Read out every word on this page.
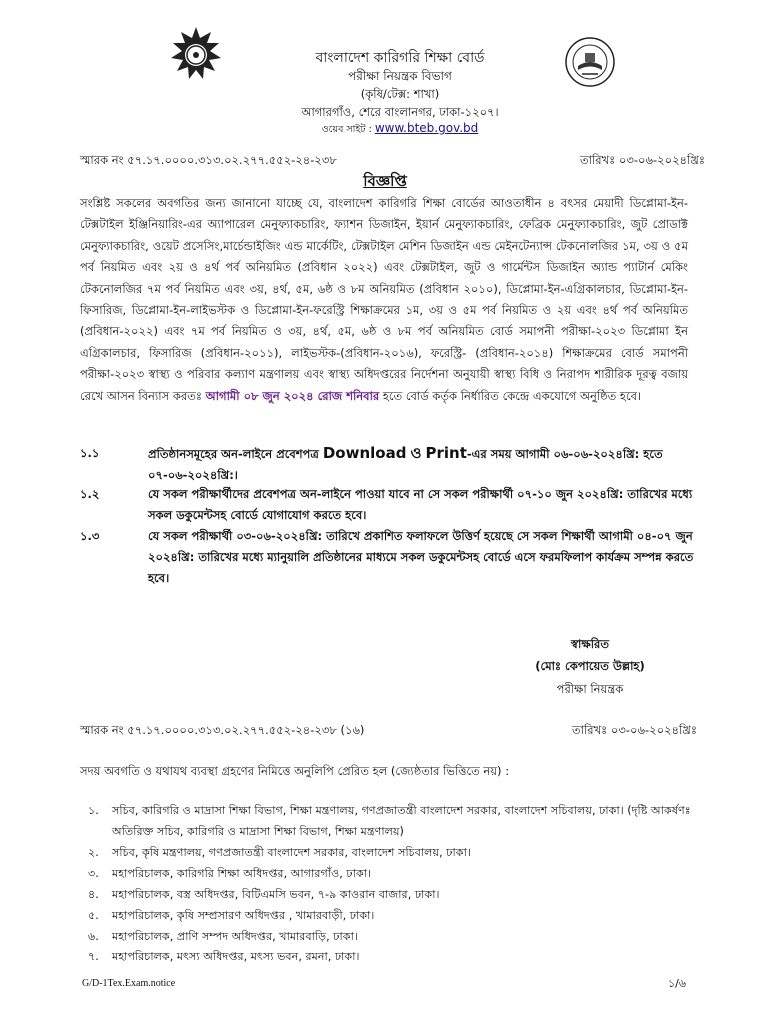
বাংলাদেশ কারিগরি শিক্ষা বোর্ড
পরীক্ষা নিয়ন্ত্রক বিভাগ
(কৃষি/টেক্স: শাখা)
আগারগাঁও, শেরে বাংলানগর, ঢাকা-১২০৭।
ওয়েব সাইট : www.bteb.gov.bd
স্মারক নং ৫৭.১৭.০০০০.৩১৩.০২.২৭৭.৫৫২-২৪-২৩৮	তারিখঃ ০৩-০৬-২০২৪খ্রিঃ
বিজ্ঞপ্তি
সংশ্লিষ্ট সকলের অবগতির জন্য জানানো যাচ্ছে যে, বাংলাদেশ কারিগরি শিক্ষা বোর্ডের আওতাধীন ৪ বৎসর মেয়াদী ডিপ্লোমা-ইন-টেক্সটাইল ইঞ্জিনিয়ারিং-এর অ্যাপারেল মেনুফ্যাকচারিং, ফ্যাশন ডিজাইন, ইয়ার্ন মেনুফ্যাকচারিং, ফেব্রিক মেনুফ্যাকচারিং, জুট প্রোডাক্ট মেনুফ্যাকচারিং, ওয়েট প্রসেসিং,মার্চেন্ডাইজিং এন্ড মার্কেটিং, টেক্সটাইল মেশিন ডিজাইন এন্ড মেইনটেন্যান্স টেকনোলজির ১ম, ৩য় ও ৫ম পর্ব নিয়মিত এবং ২য় ও ৪র্থ পর্ব অনিয়মিত (প্রবিধান ২০২২) এবং টেক্সটাইল, জুট ও গার্মেন্টস ডিজাইন অ্যান্ড প্যাটার্ন মেকিং টেকনোলজির ৭ম পর্ব নিয়মিত এবং ৩য়, ৪র্থ, ৫ম, ৬ষ্ঠ ও ৮ম অনিয়মিত (প্রবিধান ২০১০), ডিপ্লোমা-ইন-এগ্রিকালচার, ডিপ্লোমা-ইন-ফিসারিজ, ডিপ্লোমা-ইন-লাইভস্টক ও ডিপ্লোমা-ইন-ফরেস্ট্রি শিক্ষাক্রমের ১ম, ৩য় ও ৫ম পর্ব নিয়মিত ও ২য় এবং ৪র্থ পর্ব অনিয়মিত (প্রবিধান-২০২২) এবং ৭ম পর্ব নিয়মিত ও ৩য়, ৪র্থ, ৫ম, ৬ষ্ঠ ও ৮ম পর্ব অনিয়মিত বোর্ড সমাপনী পরীক্ষা-২০২৩ ডিপ্লোমা ইন এগ্রিকালচার, ফিসারিজ (প্রবিধান-২০১১), লাইভস্টক-(প্রবিধান-২০১৬), ফরেস্ট্রি- (প্রবিধান-২০১৪) শিক্ষাক্রমের বোর্ড সমাপনী পরীক্ষা-২০২৩ স্বাস্থ্য ও পরিবার কল্যাণ মন্ত্রণালয় এবং স্বাস্থ্য অধিদপ্তরের নির্দেশনা অনুযায়ী স্বাস্থ্য বিধি ও নিরাপদ শারীরিক দূরত্ব বজায় রেখে আসন বিন্যাস করতঃ আগামী ০৮ জুন ২০২৪ রোজ শনিবার হতে বোর্ড কর্তৃক নির্ধারিত কেন্দ্রে একযোগে অনুষ্ঠিত হবে।
১.১	প্রতিষ্ঠানসমূহের অন-লাইনে প্রবেশপত্র Download ও Print-এর সময় আগামী ০৬-০৬-২০২৪খ্রি: হতে ০৭-০৬-২০২৪খ্রি:।
১.২	যে সকল পরীক্ষার্থীদের প্রবেশপত্র অন-লাইনে পাওয়া যাবে না সে সকল পরীক্ষার্থী ০৭-১০ জুন ২০২৪খ্রি: তারিখের মধ্যে সকল ডকুমেন্টসহ বোর্ডে যোগাযোগ করতে হবে।
১.৩	যে সকল পরীক্ষার্থী ০৩-০৬-২০২৪খ্রি: তারিখে প্রকাশিত ফলাফলে উত্তির্ণ হয়েছে সে সকল শিক্ষার্থী আগামী ০৪-০৭ জুন ২০২৪খ্রি: তারিখের মধ্যে ম্যানুয়ালি প্রতিষ্ঠানের মাধ্যমে সকল ডকুমেন্টসহ বোর্ডে এসে ফরমফিলাপ কার্যক্রম সম্পন্ন করতে হবে।
স্বাক্ষরিত
(মোঃ কেপায়েত উল্লাহ)
পরীক্ষা নিয়ন্ত্রক
স্মারক নং ৫৭.১৭.০০০০.৩১৩.০২.২৭৭.৫৫২-২৪-২৩৮ (১৬)	তারিখঃ ০৩-০৬-২০২৪খ্রিঃ
সদয় অবগতি ও যথাযথ ব্যবস্থা গ্রহণের নিমিত্তে অনুলিপি প্রেরিত হল (জ্যেষ্ঠতার ভিত্তিতে নয়) :
১. সচিব, কারিগরি ও মাদ্রাসা শিক্ষা বিভাগ, শিক্ষা মন্ত্রণালয়, গণপ্রজাতন্ত্রী বাংলাদেশ সরকার, বাংলাদেশ সচিবালয়, ঢাকা। (দৃষ্টি আকর্ষণঃ অতিরিক্ত সচিব, কারিগরি ও মাদ্রাসা শিক্ষা বিভাগ, শিক্ষা মন্ত্রণালয়)
২. সচিব, কৃষি মন্ত্রণালয়, গণপ্রজাতন্ত্রী বাংলাদেশ সরকার, বাংলাদেশ সচিবালয়, ঢাকা।
৩. মহাপরিচালক, কারিগরি শিক্ষা অধিদপ্তর, আগারগাঁও, ঢাকা।
৪. মহাপরিচালক, বস্ত্র অধিদপ্তর, বিটিএমসি ভবন, ৭-৯ কাওরান বাজার, ঢাকা।
৫. মহাপরিচালক, কৃষি সম্প্রসারণ অধিদপ্তর , খামারবাড়ী, ঢাকা।
৬. মহাপরিচালক, প্রাণি সম্পদ অধিদপ্তর, খামারবাড়ি, ঢাকা।
৭. মহাপরিচালক, মৎস্য অধিদপ্তর, মৎস্য ভবন, রমনা, ঢাকা।
G/D-1Tex.Exam.notice	১/৬
